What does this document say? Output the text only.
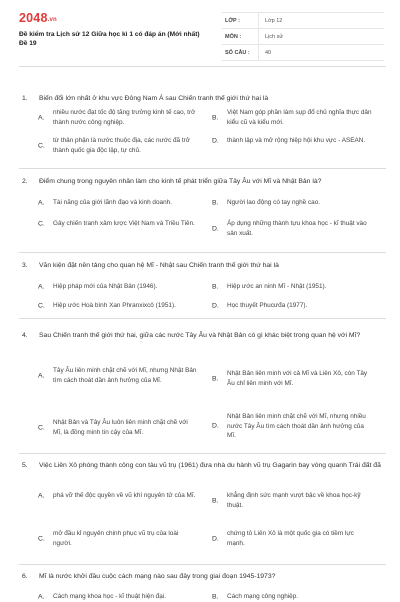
2048.vn
Đề kiểm tra Lịch sử 12 Giữa học kì 1 có đáp án (Mới nhất)
Đề 19
LỚP :	Lớp 12
MÔN :	Lịch sử
SỐ CÂU :	40
1. Biến đổi lớn nhất ở khu vực Đông Nam Á sau Chiến tranh thế giới thứ hai là
A.
nhiều nước đạt tốc độ tăng trưởng kinh tế cao, trở thành nước công nghiệp.
B.
Việt Nam góp phần làm sụp đổ chủ nghĩa thực dân kiểu cũ và kiểu mới.
C.
từ thân phận là nước thuộc địa, các nước đã trở thành quốc gia độc lập, tự chủ.
D. thành lập và mở rộng hiệp hội khu vực - ASEAN.
2. Điểm chung trong nguyên nhân làm cho kinh tế phát triển giữa Tây Âu với Mĩ và Nhật Bản là?
A. Tài năng của giới lãnh đạo và kinh doanh.	B. Người lao động có tay nghề cao.
C. Gây chiến tranh xâm lược Việt Nam và Triều Tiên.
D.
Áp dụng những thành tựu khoa học - kĩ thuật vào sản xuất.
3. Văn kiện đặt nền tảng cho quan hệ Mĩ - Nhật sau Chiến tranh thế giới thứ hai là
A. Hiệp pháp mới của Nhật Bản (1946).	B. Hiệp ước an ninh Mĩ - Nhật (1951).
C. Hiệp ước Hoà bình Xan Phranxixcô (1951).	D. Học thuyết Phucưđa (1977).
4. Sau Chiến tranh thế giới thứ hai, giữa các nước Tây Âu và Nhật Bản có gì khác biệt trong quan hệ với Mĩ?
A.
Tây Âu liên minh chặt chẽ với Mĩ, nhưng Nhật Bản tìm cách thoát dần ảnh hưởng của Mĩ.	B.
Nhật Bản liên minh với cả Mĩ và Liên Xô, còn Tây Âu chỉ liên minh với Mĩ.
C.
Nhật Bản và Tây Âu luôn liên minh chặt chẽ với Mĩ, là đồng minh tin cậy của Mĩ.
D.
Nhật Bản liên minh chặt chẽ với Mĩ, nhưng nhiều nước Tây Âu tìm cách thoát dần ảnh hưởng của Mĩ.
5. Việc Liên Xô phóng thành công con tàu vũ trụ (1961) đưa nhà du hành vũ trụ Gagarin bay vòng quanh Trái đất đã
A. phá vỡ thế độc quyền về vũ khí nguyên tử của Mĩ.
B.
khẳng định sức mạnh vượt bậc về khoa học-kỹ thuật.
C.
mở đầu kỉ nguyên chinh phục vũ trụ của loài người.
D.
chứng tỏ Liên Xô là một quốc gia có tiềm lực mạnh.
6. Mĩ là nước khởi đầu cuộc cách mạng nào sau đây trong giai đoạn 1945-1973?
A. Cách mạng khoa học - kĩ thuật hiện đại.	B. Cách mạng công nghiệp.
